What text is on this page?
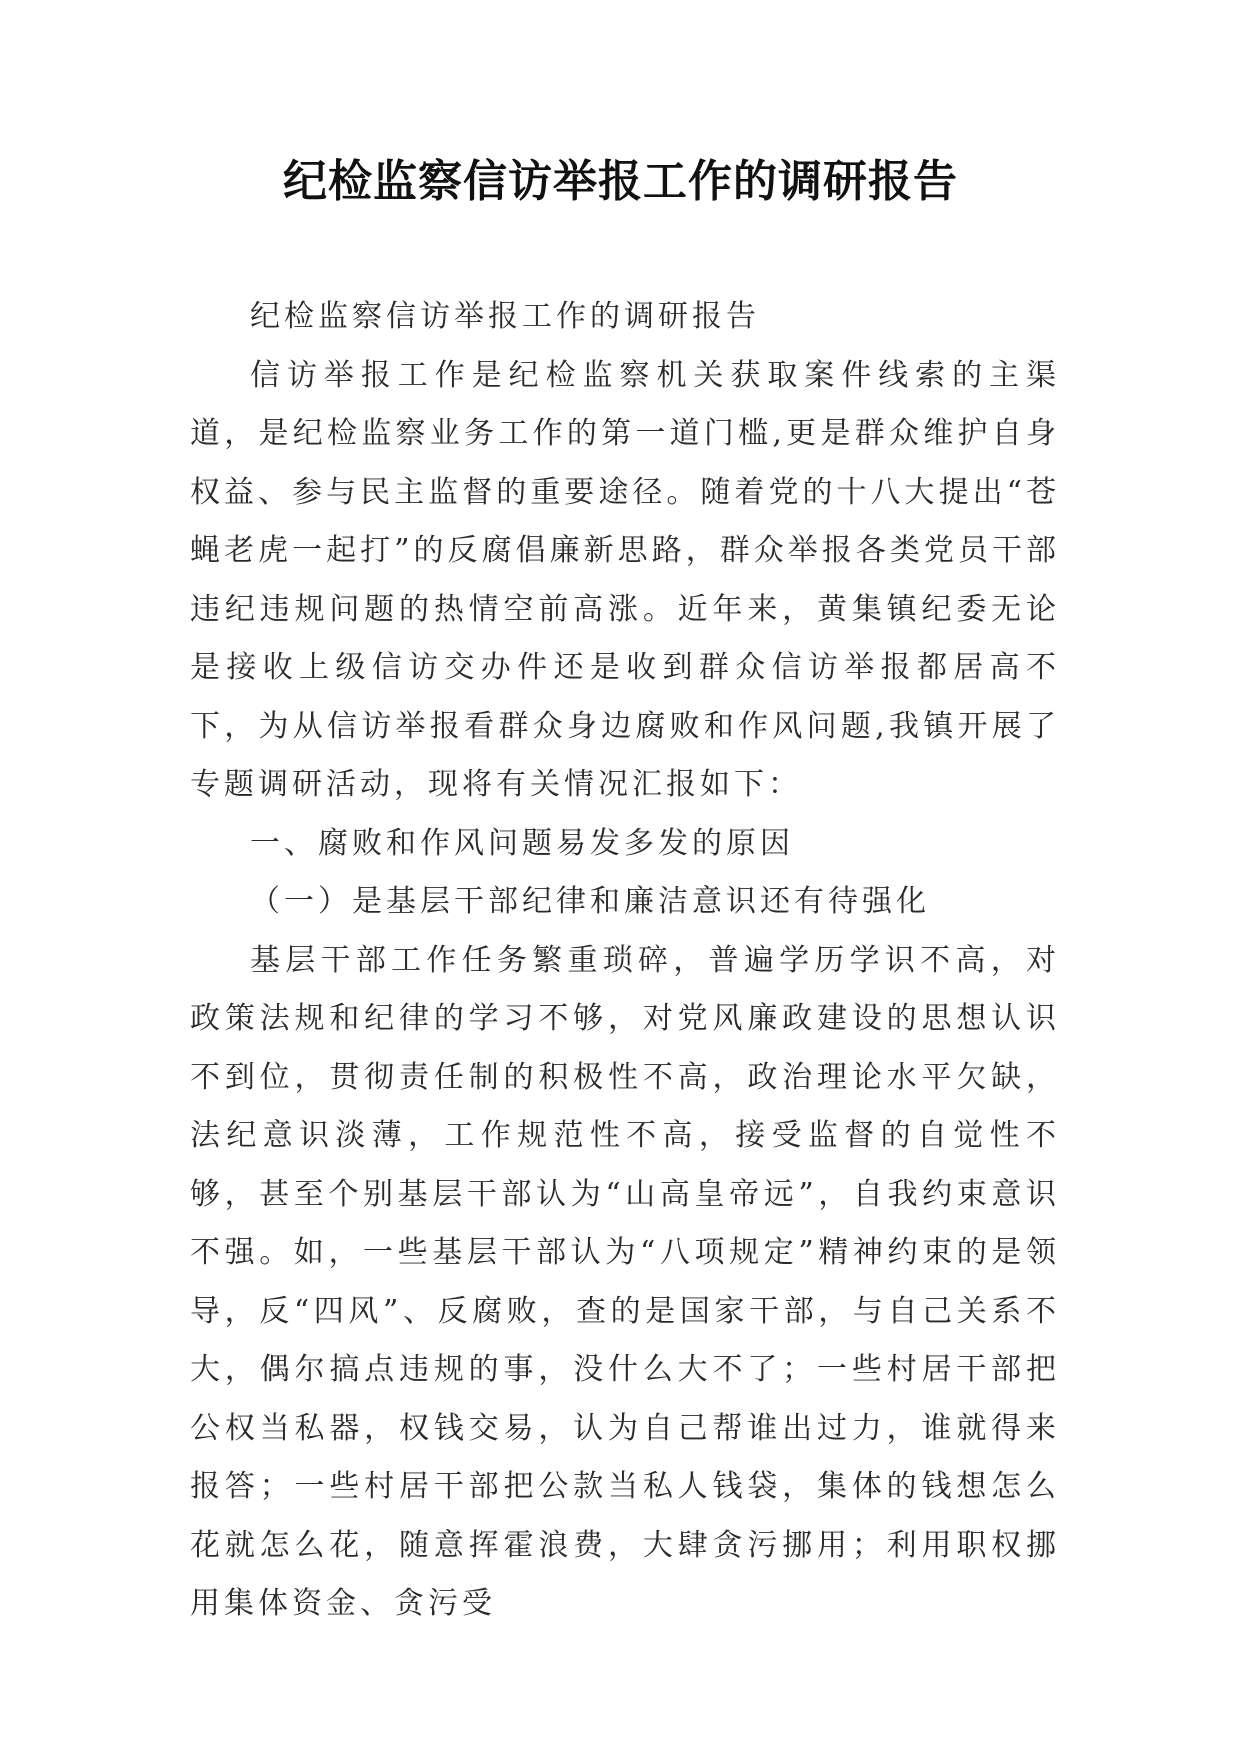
纪检监察信访举报工作的调研报告

纪检监察信访举报工作的调研报告

信访举报工作是纪检监察机关获取案件线索的主渠道，是纪检监察业务工作的第一道门槛,更是群众维护自身权益、参与民主监督的重要途径。随着党的十八大提出“苍蝇老虎一起打”的反腐倡廉新思路，群众举报各类党员干部违纪违规问题的热情空前高涨。近年来，黄集镇纪委无论是接收上级信访交办件还是收到群众信访举报都居高不下，为从信访举报看群众身边腐败和作风问题,我镇开展了专题调研活动，现将有关情况汇报如下：

一、腐败和作风问题易发多发的原因

（一）是基层干部纪律和廉洁意识还有待强化

基层干部工作任务繁重琐碎，普遍学历学识不高，对政策法规和纪律的学习不够，对党风廉政建设的思想认识不到位，贯彻责任制的积极性不高，政治理论水平欠缺，法纪意识淡薄，工作规范性不高，接受监督的自觉性不够，甚至个别基层干部认为“山高皇帝远”，自我约束意识不强。如，一些基层干部认为“八项规定”精神约束的是领导，反“四风”、反腐败，查的是国家干部，与自己关系不大，偶尔搞点违规的事，没什么大不了；一些村居干部把公权当私器，权钱交易，认为自己帮谁出过力，谁就得来报答；一些村居干部把公款当私人钱袋，集体的钱想怎么花就怎么花，随意挥霍浪费，大肆贪污挪用；利用职权挪用集体资金、贪污受
